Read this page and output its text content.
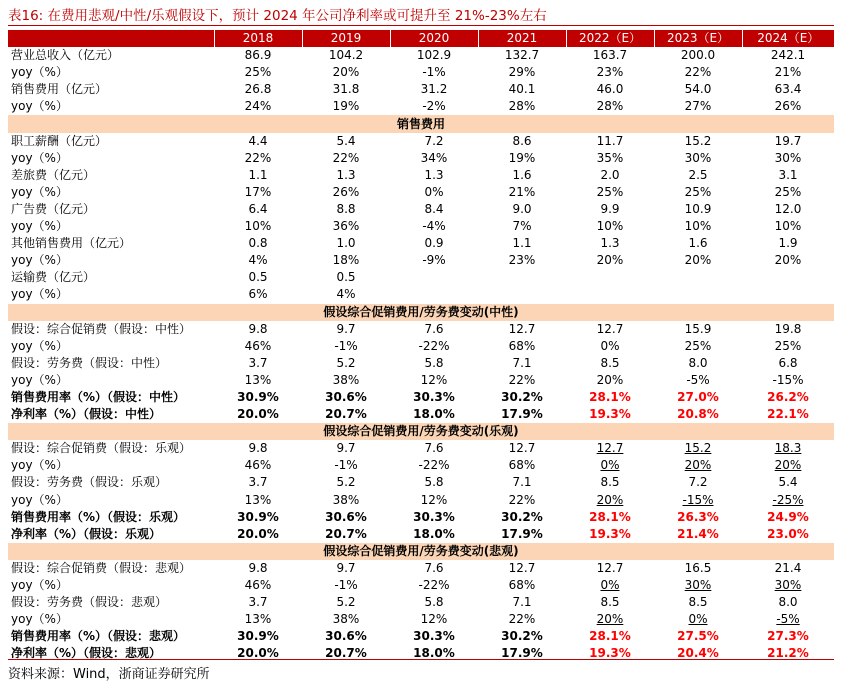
表16: 在费用悲观/中性/乐观假设下，预计 2024 年公司净利率或可提升至 21%-23%左右
	2018	2019	2020	2021	2022（E）	2023（E）	2024（E）
营业总收入（亿元）	86.9	104.2	102.9	132.7	163.7	200.0	242.1
yoy（%）	25%	20%	-1%	29%	23%	22%	21%
销售费用（亿元）	26.8	31.8	31.2	40.1	46.0	54.0	63.4
yoy（%）	24%	19%	-2%	28%	28%	27%	26%
销售费用							
职工薪酬（亿元）	4.4	5.4	7.2	8.6	11.7	15.2	19.7
yoy（%）	22%	22%	34%	19%	35%	30%	30%
差旅费（亿元）	1.1	1.3	1.3	1.6	2.0	2.5	3.1
yoy（%）	17%	26%	0%	21%	25%	25%	25%
广告费（亿元）	6.4	8.8	8.4	9.0	9.9	10.9	12.0
yoy（%）	10%	36%	-4%	7%	10%	10%	10%
其他销售费用（亿元）	0.8	1.0	0.9	1.1	1.3	1.6	1.9
yoy（%）	4%	18%	-9%	23%	20%	20%	20%
运输费（亿元）	0.5	0.5					
yoy（%）	6%	4%					
假设综合促销费用/劳务费变动(中性)							
假设：综合促销费（假设：中性）	9.8	9.7	7.6	12.7	12.7	15.9	19.8
yoy（%）	46%	-1%	-22%	68%	0%	25%	25%
假设：劳务费（假设：中性）	3.7	5.2	5.8	7.1	8.5	8.0	6.8
yoy（%）	13%	38%	12%	22%	20%	-5%	-15%
销售费用率（%）（假设：中性）	30.9%	30.6%	30.3%	30.2%	28.1%	27.0%	26.2%
净利率（%）（假设：中性）	20.0%	20.7%	18.0%	17.9%	19.3%	20.8%	22.1%
假设综合促销费用/劳务费变动(乐观)							
假设：综合促销费（假设：乐观）	9.8	9.7	7.6	12.7	12.7	15.2	18.3
yoy（%）	46%	-1%	-22%	68%	0%	20%	20%
假设：劳务费（假设：乐观）	3.7	5.2	5.8	7.1	8.5	7.2	5.4
yoy（%）	13%	38%	12%	22%	20%	-15%	-25%
销售费用率（%）（假设：乐观）	30.9%	30.6%	30.3%	30.2%	28.1%	26.3%	24.9%
净利率（%）（假设：乐观）	20.0%	20.7%	18.0%	17.9%	19.3%	21.4%	23.0%
假设综合促销费用/劳务费变动(悲观)							
假设：综合促销费（假设：悲观）	9.8	9.7	7.6	12.7	12.7	16.5	21.4
yoy（%）	46%	-1%	-22%	68%	0%	30%	30%
假设：劳务费（假设：悲观）	3.7	5.2	5.8	7.1	8.5	8.5	8.0
yoy（%）	13%	38%	12%	22%	20%	0%	-5%
销售费用率（%）（假设：悲观）	30.9%	30.6%	30.3%	30.2%	28.1%	27.5%	27.3%
净利率（%）（假设：悲观）	20.0%	20.7%	18.0%	17.9%	19.3%	20.4%	21.2%
资料来源：Wind，浙商证券研究所
